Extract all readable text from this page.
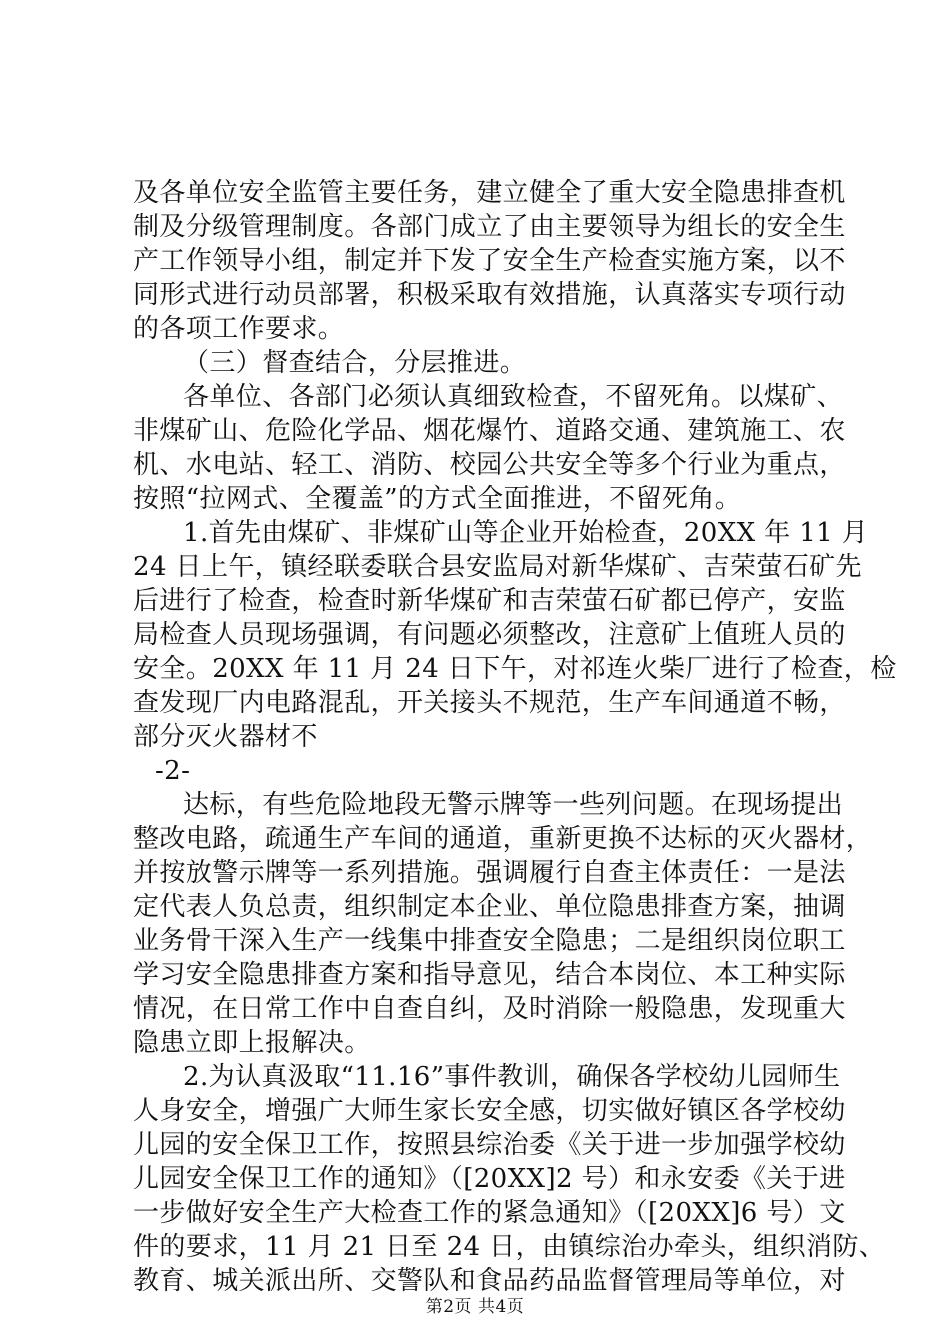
及各单位安全监管主要任务，建立健全了重大安全隐患排查机
制及分级管理制度。各部门成立了由主要领导为组长的安全生
产工作领导小组，制定并下发了安全生产检查实施方案，以不
同形式进行动员部署，积极采取有效措施，认真落实专项行动
的各项工作要求。
（三）督查结合，分层推进。
各单位、各部门必须认真细致检查，不留死角。以煤矿、
非煤矿山、危险化学品、烟花爆竹、道路交通、建筑施工、农
机、水电站、轻工、消防、校园公共安全等多个行业为重点，
按照“拉网式、全覆盖”的方式全面推进，不留死角。
1.首先由煤矿、非煤矿山等企业开始检查，20XX 年 11 月
24 日上午，镇经联委联合县安监局对新华煤矿、吉荣萤石矿先
后进行了检查，检查时新华煤矿和吉荣萤石矿都已停产，安监
局检查人员现场强调，有问题必须整改，注意矿上值班人员的
安全。20XX 年 11 月 24 日下午，对祁连火柴厂进行了检查，检
查发现厂内电路混乱，开关接头不规范，生产车间通道不畅，
部分灭火器材不
-2-
达标，有些危险地段无警示牌等一些列问题。在现场提出
整改电路，疏通生产车间的通道，重新更换不达标的灭火器材，
并按放警示牌等一系列措施。强调履行自查主体责任：一是法
定代表人负总责，组织制定本企业、单位隐患排查方案，抽调
业务骨干深入生产一线集中排查安全隐患；二是组织岗位职工
学习安全隐患排查方案和指导意见，结合本岗位、本工种实际
情况，在日常工作中自查自纠，及时消除一般隐患，发现重大
隐患立即上报解决。
2.为认真汲取“11.16”事件教训，确保各学校幼儿园师生
人身安全，增强广大师生家长安全感，切实做好镇区各学校幼
儿园的安全保卫工作，按照县综治委《关于进一步加强学校幼
儿园安全保卫工作的通知》（[20XX]2 号）和永安委《关于进
一步做好安全生产大检查工作的紧急通知》（[20XX]6 号）文
件的要求，11 月 21 日至 24 日，由镇综治办牵头，组织消防、
教育、城关派出所、交警队和食品药品监督管理局等单位，对
第2页 共4页
